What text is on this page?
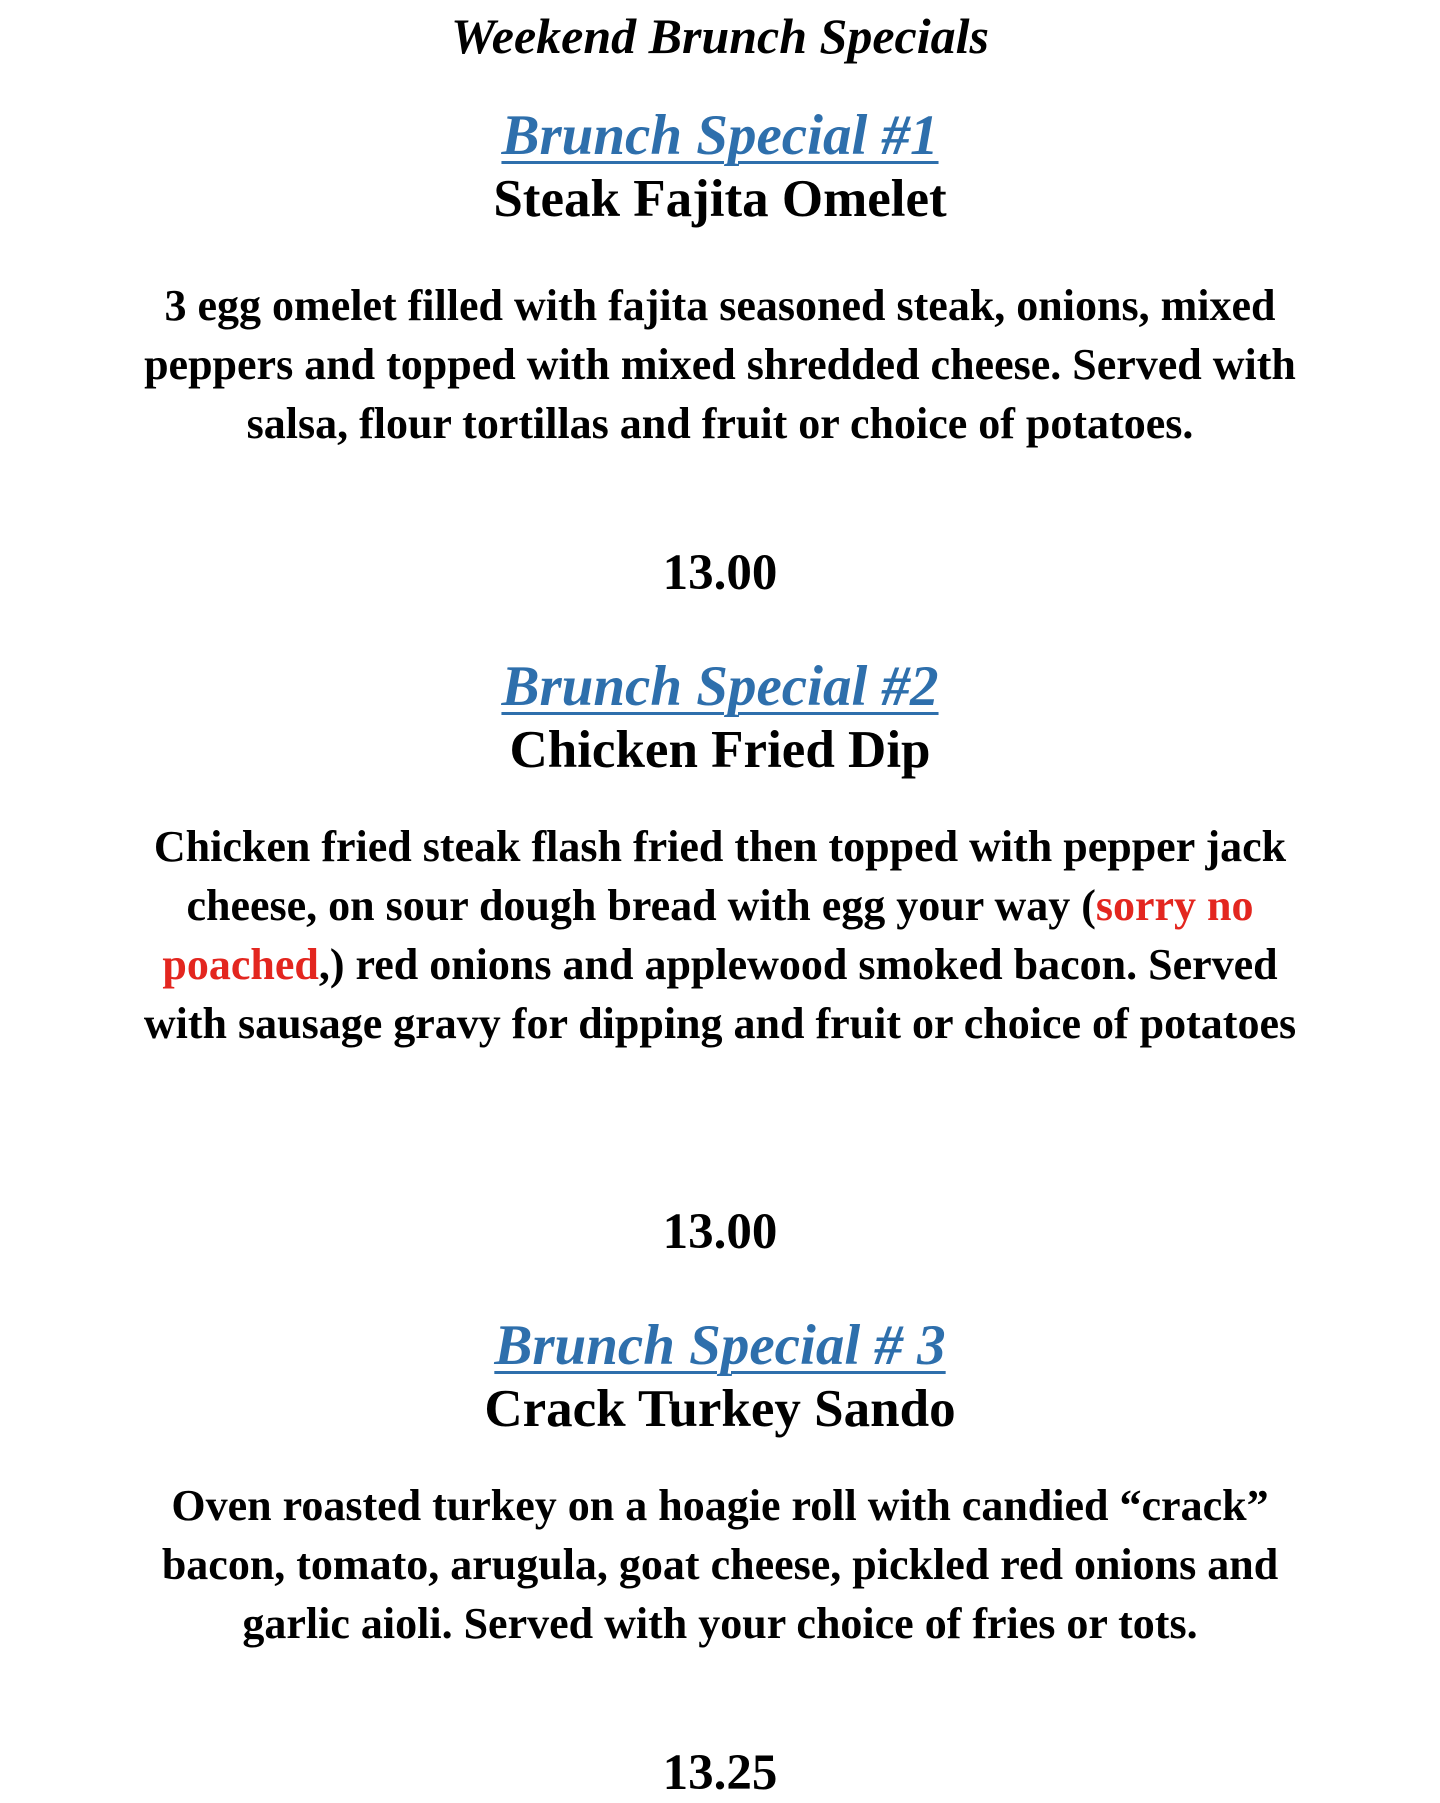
Weekend Brunch Specials
Brunch Special #1
Steak Fajita Omelet

3 egg omelet filled with fajita seasoned steak, onions, mixed peppers and topped with mixed shredded cheese. Served with salsa, flour tortillas and fruit or choice of potatoes.

13.00

Brunch Special #2
Chicken Fried Dip

Chicken fried steak flash fried then topped with pepper jack cheese, on sour dough bread with egg your way (sorry no poached,) red onions and applewood smoked bacon. Served with sausage gravy for dipping and fruit or choice of potatoes

13.00

Brunch Special # 3
Crack Turkey Sando

Oven roasted turkey on a hoagie roll with candied “crack” bacon, tomato, arugula, goat cheese, pickled red onions and garlic aioli. Served with your choice of fries or tots.

13.25
